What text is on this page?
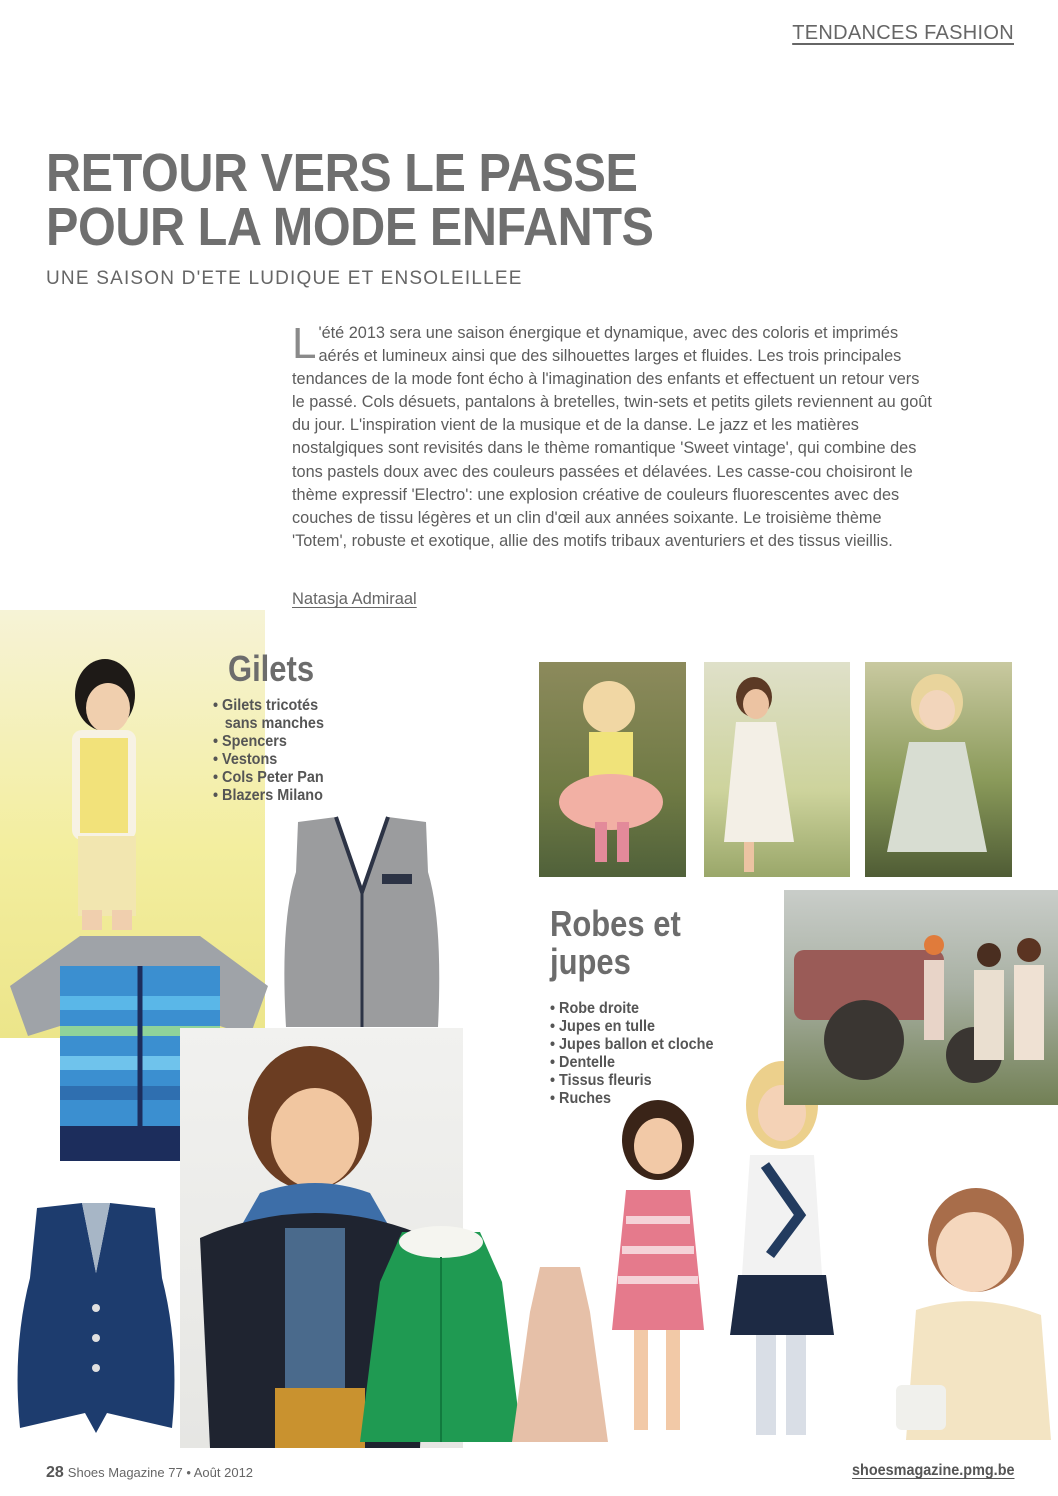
TENDANCES FASHION
RETOUR VERS LE PASSE
POUR LA MODE ENFANTS
UNE SAISON D'ETE LUDIQUE ET ENSOLEILLEE
L 'été 2013 sera une saison énergique et dynamique, avec des coloris et imprimés aérés et lumineux ainsi que des silhouettes larges et fluides. Les trois principales tendances de la mode font écho à l'imagination des enfants et effectuent un retour vers le passé. Cols désuets, pantalons à bretelles, twin-sets et petits gilets reviennent au goût du jour. L'inspiration vient de la musique et de la danse. Le jazz et les matières nostalgiques sont revisités dans le thème romantique 'Sweet vintage', qui combine des tons pastels doux avec des couleurs passées et délavées. Les casse-cou choisiront le thème expressif 'Electro': une explosion créative de couleurs fluorescentes avec des couches de tissu légères et un clin d'œil aux années soixante. Le troisième thème 'Totem', robuste et exotique, allie des motifs tribaux aventuriers et des tissus vieillis.
Natasja Admiraal
Gilets
• Gilets tricotés
sans manches
• Spencers
• Vestons
• Cols Peter Pan
• Blazers Milano
Robes et jupes
• Robe droite
• Jupes en tulle
• Jupes ballon et cloche
• Dentelle
• Tissus fleuris
• Ruches
28 Shoes Magazine 77 • Août 2012	shoesmagazine.pmg.be
